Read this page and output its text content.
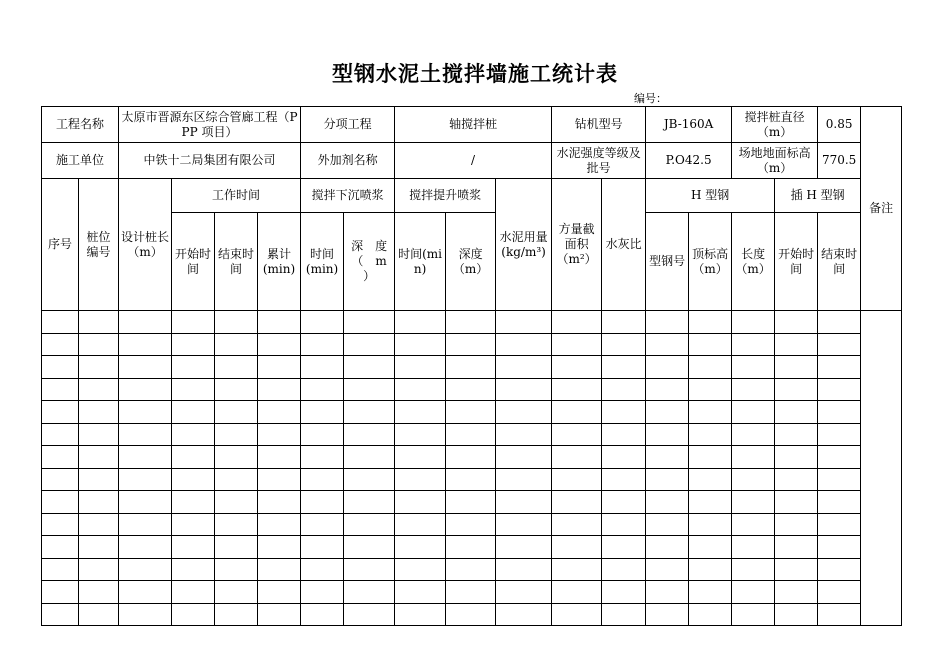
型钢水泥土搅拌墙施工统计表
编号：
工程名称		太原市晋源东区综合管廊工程（PPP 项目）				分项工程		轴搅拌桩			钻机型号		JB-160A		搅拌桩直径（m）		0.85	备注
施工单位		中铁十二局集团有限公司				外加剂名称		/			水泥强度等级及批号		P.O42.5		场地地面标高（m）		770.5	
序号	桩位编号	设计桩长（m）	工作时间			搅拌下沉喷浆		搅拌提升喷浆		水泥用量(kg/m³)	方量截面积（m²）	水灰比	H 型钢			插 H 型钢		
			开始时间	结束时间	累计(min)	时间(min)	深　度（　m　）	时间(min)	深度（m）				型钢号	顶标高（m）	长度（m）	开始时间	结束时间	
